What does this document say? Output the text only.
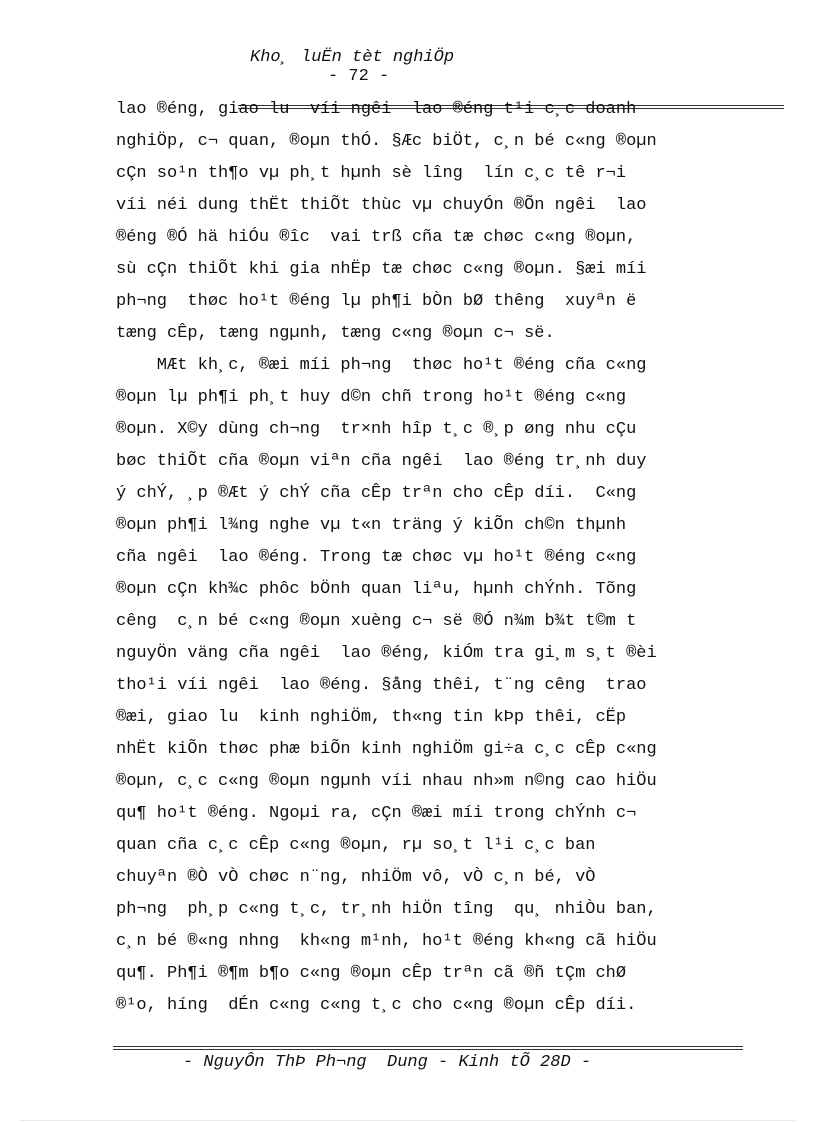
Kho¸ luËn tèt nghiÖp
- 72 -
lao ®éng, giao lu  víi ngêi  lao ®éng t¹i c¸c doanh
nghiÖp, c¬ quan, ®oµn thÓ. §Æc biÖt, c¸n bé c«ng ®oµn
cÇn so¹n th¶o vµ ph¸t hµnh sè lîng  lín c¸c tê r¬i
víi néi dung thËt thiÕt thùc vµ chuyÓn ®Õn ngêi  lao
®éng ®Ó hä hiÓu ®îc  vai trß cña tæ chøc c«ng ®oµn,
sù cÇn thiÕt khi gia nhËp tæ chøc c«ng ®oµn. §æi míi
ph¬ng  thøc ho¹t ®éng lµ ph¶i bÒn bØ thêng  xuyªn ë
tæng cÊp, tæng ngµnh, tæng c«ng ®oµn c¬ së.
MÆt kh¸c, ®æi míi ph¬ng  thøc ho¹t ®éng cña c«ng
®oµn lµ ph¶i ph¸t huy d©n chñ trong ho¹t ®éng c«ng
®oµn. X©y dùng ch¬ng  tr×nh hîp t¸c ®¸p øng nhu cÇu
bøc thiÕt cña ®oµn viªn cña ngêi  lao ®éng tr¸nh duy
ý chÝ, ¸p ®Æt ý chÝ cña cÊp trªn cho cÊp díi.  C«ng
®oµn ph¶i l¾ng nghe vµ t«n träng ý kiÕn ch©n thµnh
cña ngêi  lao ®éng. Trong tæ chøc vµ ho¹t ®éng c«ng
®oµn cÇn kh¾c phôc bÖnh quan liªu, hµnh chÝnh. Tõng
cêng  c¸n bé c«ng ®oµn xuèng c¬ së ®Ó n¾m b¾t t©m t
nguyÖn väng cña ngêi  lao ®éng, kiÓm tra gi¸m s¸t ®èi
tho¹i víi ngêi  lao ®éng. §ång thêi, t¨ng cêng  trao
®æi, giao lu  kinh nghiÖm, th«ng tin kÞp thêi, cËp
nhËt kiÕn thøc phæ biÕn kinh nghiÖm gi÷a c¸c cÊp c«ng
®oµn, c¸c c«ng ®oµn ngµnh víi nhau nh»m n©ng cao hiÖu
qu¶ ho¹t ®éng. Ngoµi ra, cÇn ®æi míi trong chÝnh c¬
quan cña c¸c cÊp c«ng ®oµn, rµ so¸t l¹i c¸c ban
chuyªn ®Ò vÒ chøc n¨ng, nhiÖm vô, vÒ c¸n bé, vÒ
ph¬ng  ph¸p c«ng t¸c, tr¸nh hiÖn tîng  qu¸ nhiÒu ban,
c¸n bé ®«ng nhng  kh«ng m¹nh, ho¹t ®éng kh«ng cã hiÖu
qu¶. Ph¶i ®¶m b¶o c«ng ®oµn cÊp trªn cã ®ñ tÇm chØ
®¹o, híng  dÉn c«ng c«ng t¸c cho c«ng ®oµn cÊp díi.
- NguyÔn ThÞ Ph¬ng  Dung - Kinh tÕ 28D -
